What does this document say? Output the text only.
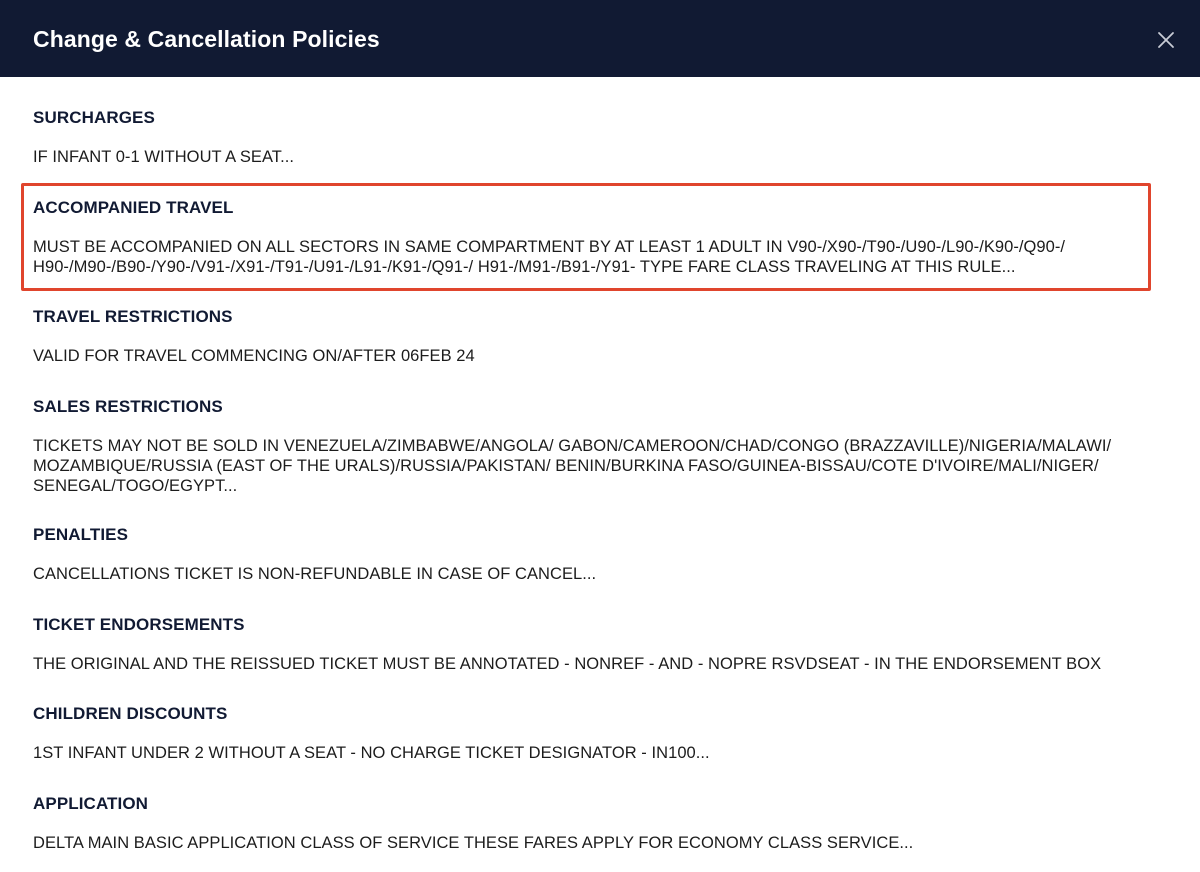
Change & Cancellation Policies
SURCHARGES
IF INFANT 0-1 WITHOUT A SEAT...
ACCOMPANIED TRAVEL
MUST BE ACCOMPANIED ON ALL SECTORS IN SAME COMPARTMENT BY AT LEAST 1 ADULT IN V90-/X90-/T90-/U90-/L90-/K90-/Q90-/ H90-/M90-/B90-/Y90-/V91-/X91-/T91-/U91-/L91-/K91-/Q91-/ H91-/M91-/B91-/Y91- TYPE FARE CLASS TRAVELING AT THIS RULE...
TRAVEL RESTRICTIONS
VALID FOR TRAVEL COMMENCING ON/AFTER 06FEB 24
SALES RESTRICTIONS
TICKETS MAY NOT BE SOLD IN VENEZUELA/ZIMBABWE/ANGOLA/ GABON/CAMEROON/CHAD/CONGO (BRAZZAVILLE)/NIGERIA/MALAWI/ MOZAMBIQUE/RUSSIA (EAST OF THE URALS)/RUSSIA/PAKISTAN/ BENIN/BURKINA FASO/GUINEA-BISSAU/COTE D'IVOIRE/MALI/NIGER/ SENEGAL/TOGO/EGYPT...
PENALTIES
CANCELLATIONS TICKET IS NON-REFUNDABLE IN CASE OF CANCEL...
TICKET ENDORSEMENTS
THE ORIGINAL AND THE REISSUED TICKET MUST BE ANNOTATED - NONREF - AND - NOPRE RSVDSEAT - IN THE ENDORSEMENT BOX
CHILDREN DISCOUNTS
1ST INFANT UNDER 2 WITHOUT A SEAT - NO CHARGE TICKET DESIGNATOR - IN100...
APPLICATION
DELTA MAIN BASIC APPLICATION CLASS OF SERVICE THESE FARES APPLY FOR ECONOMY CLASS SERVICE...
